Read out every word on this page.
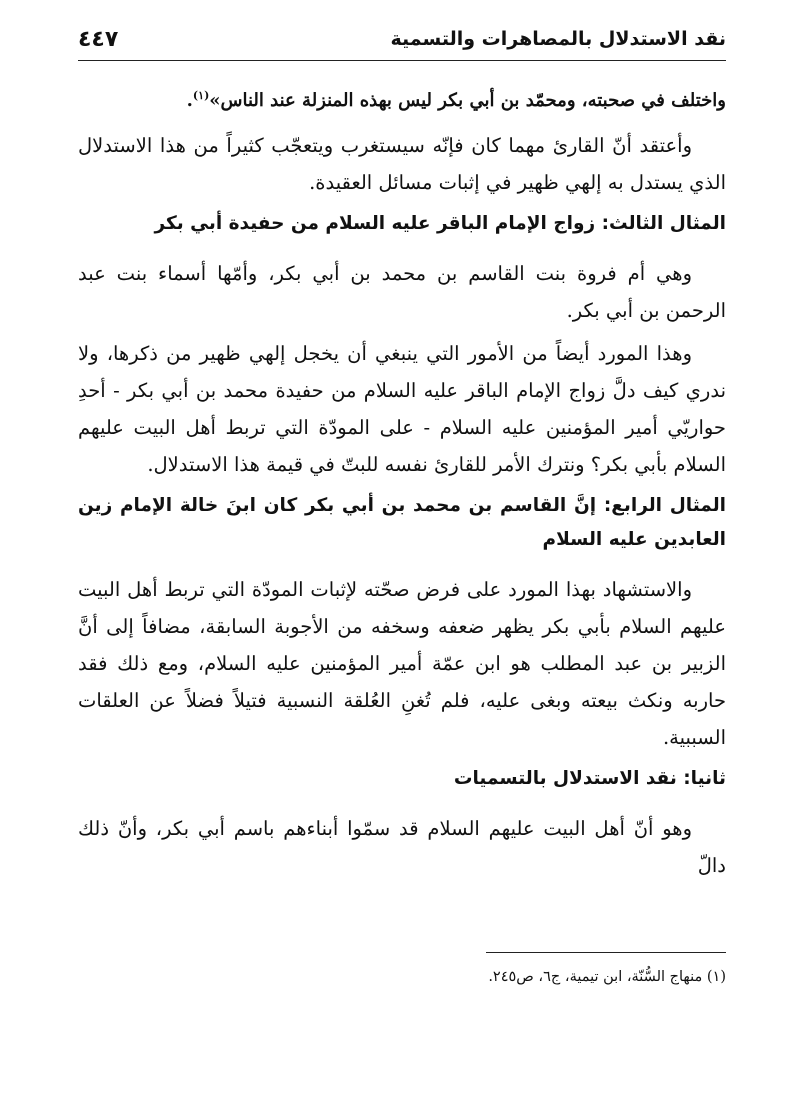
نقد الاستدلال بالمصاهرات والتسمية
٤٤٧

واختلف في صحبته، ومحمّد بن أبي بكر ليس بهذه المنزلة عند الناس»$^{(١)}$.

وأعتقد أنّ القارئ مهما كان فإنّه سيستغرب ويتعجّب كثيراً من هذا الاستدلال الذي يستدل به إلهي ظهير في إثبات مسائل العقيدة.

المثال الثالث: زواج الإمام الباقر عليه السلام من حفيدة أبي بكر

وهي أم فروة بنت القاسم بن محمد بن أبي بكر، وأمّها أسماء بنت عبد الرحمن بن أبي بكر.

وهذا المورد أيضاً من الأمور التي ينبغي أن يخجل إلهي ظهير من ذكرها، ولا ندري كيف دلَّ زواج الإمام الباقر عليه السلام من حفيدة محمد بن أبي بكر - أحدِ حواريّي أمير المؤمنين عليه السلام - على المودّة التي تربط أهل البيت عليهم السلام بأبي بكر؟ ونترك الأمر للقارئ نفسه للبتّ في قيمة هذا الاستدلال.

المثال الرابع: إنَّ القاسم بن محمد بن أبي بكر كان ابنَ خالة الإمام زين العابدين عليه السلام

والاستشهاد بهذا المورد على فرض صحّته لإثبات المودّة التي تربط أهل البيت عليهم السلام بأبي بكر يظهر ضعفه وسخفه من الأجوبة السابقة، مضافاً إلى أنَّ الزبير بن عبد المطلب هو ابن عمّة أمير المؤمنين عليه السلام، ومع ذلك فقد حاربه ونكث بيعته وبغى عليه، فلم تُغنِ العُلقة النسبية فتيلاً فضلاً عن العلقات السببية.

ثانيا: نقد الاستدلال بالتسميات

وهو أنّ أهل البيت عليهم السلام قد سمّوا أبناءهم باسم أبي بكر، وأنّ ذلك دالّ

(١) منهاج السُّنّة، ابن تيمية، ج٦، ص٢٤٥.
